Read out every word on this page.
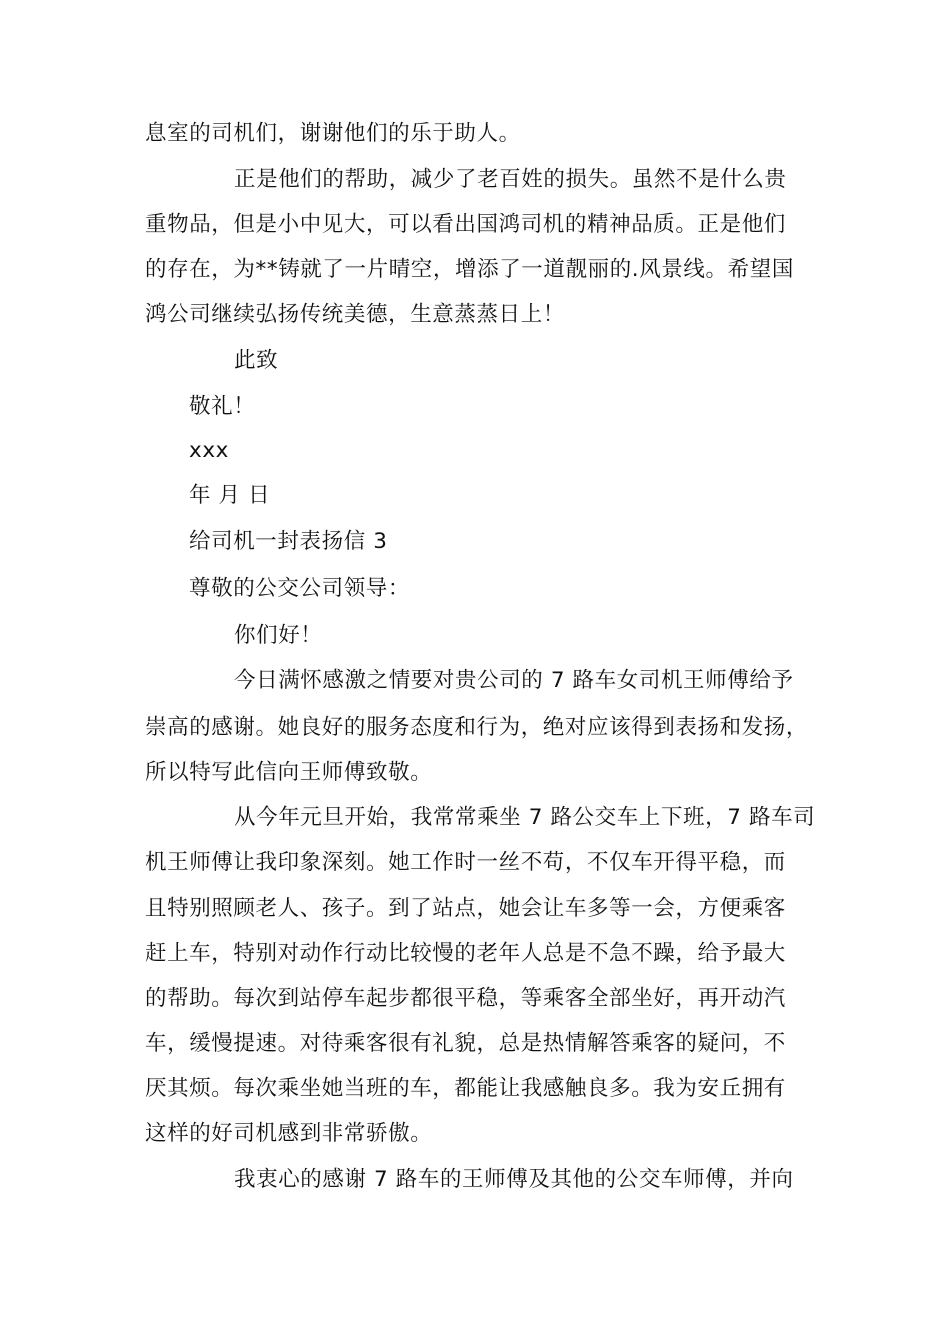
息室的司机们，谢谢他们的乐于助人。
正是他们的帮助，减少了老百姓的损失。虽然不是什么贵
重物品，但是小中见大，可以看出国鸿司机的精神品质。正是他们
的存在，为**铸就了一片晴空，增添了一道靓丽的.风景线。希望国
鸿公司继续弘扬传统美德，生意蒸蒸日上！
此致
敬礼！
xxx
年 月 日
给司机一封表扬信 3
尊敬的公交公司领导：
你们好！
今日满怀感激之情要对贵公司的 7 路车女司机王师傅给予
崇高的感谢。她良好的服务态度和行为，绝对应该得到表扬和发扬，
所以特写此信向王师傅致敬。
从今年元旦开始，我常常乘坐 7 路公交车上下班，7 路车司
机王师傅让我印象深刻。她工作时一丝不苟，不仅车开得平稳，而
且特别照顾老人、孩子。到了站点，她会让车多等一会，方便乘客
赶上车，特别对动作行动比较慢的老年人总是不急不躁，给予最大
的帮助。每次到站停车起步都很平稳，等乘客全部坐好，再开动汽
车，缓慢提速。对待乘客很有礼貌，总是热情解答乘客的疑问，不
厌其烦。每次乘坐她当班的车，都能让我感触良多。我为安丘拥有
这样的好司机感到非常骄傲。
我衷心的感谢 7 路车的王师傅及其他的公交车师傅，并向
